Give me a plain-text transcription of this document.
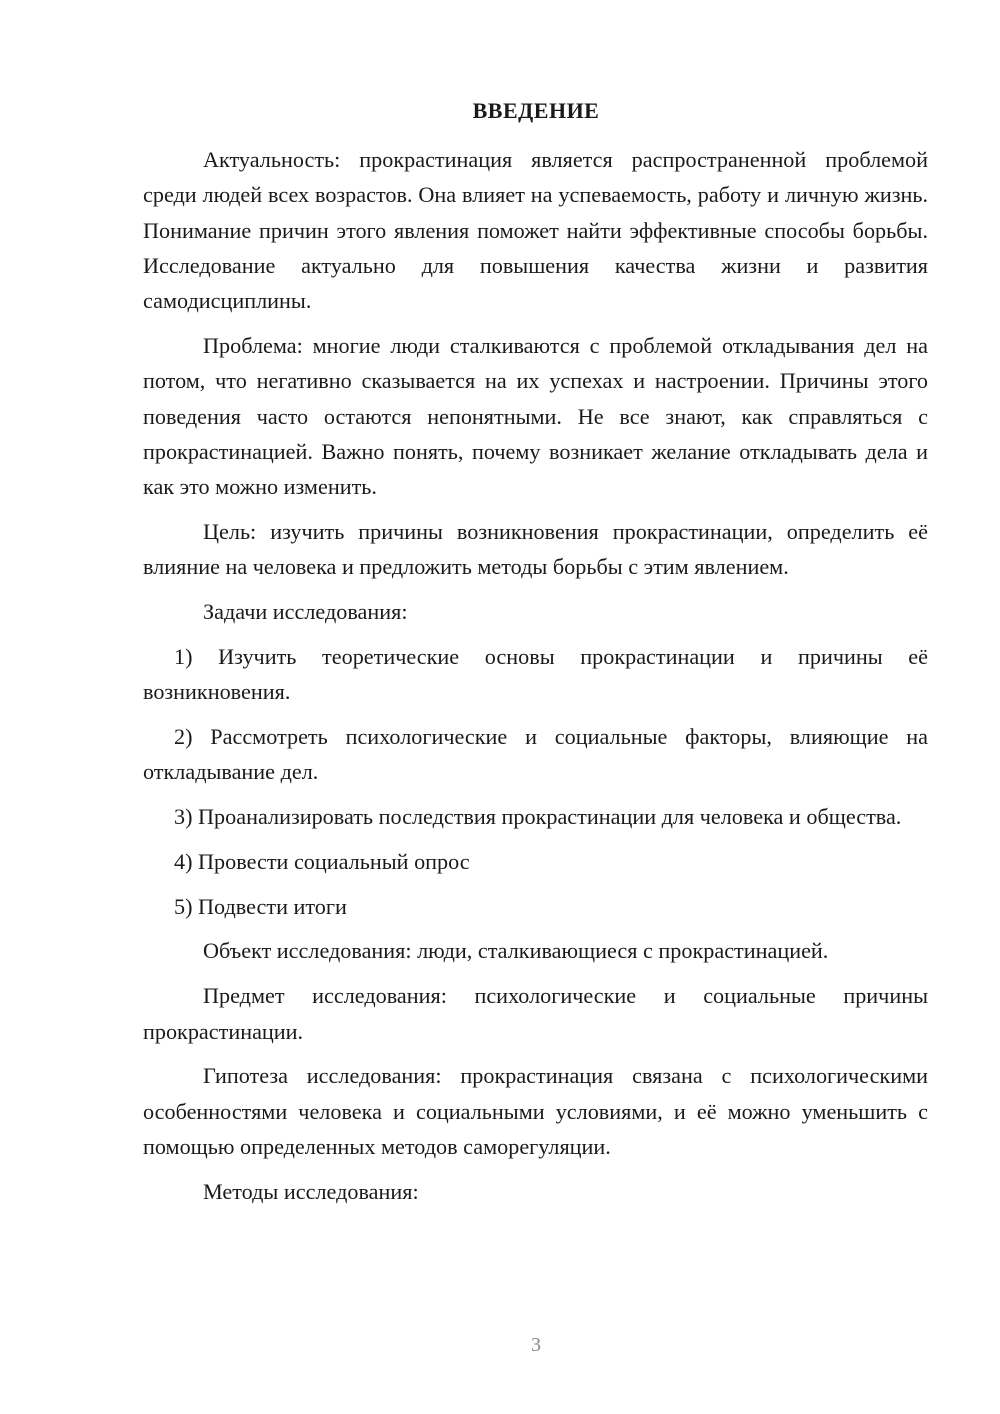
ВВЕДЕНИЕ

Актуальность: прокрастинация является распространенной проблемой среди людей всех возрастов. Она влияет на успеваемость, работу и личную жизнь. Понимание причин этого явления поможет найти эффективные способы борьбы. Исследование актуально для повышения качества жизни и развития самодисциплины.

Проблема: многие люди сталкиваются с проблемой откладывания дел на потом, что негативно сказывается на их успехах и настроении. Причины этого поведения часто остаются непонятными. Не все знают, как справляться с прокрастинацией. Важно понять, почему возникает желание откладывать дела и как это можно изменить.

Цель: изучить причины возникновения прокрастинации, определить её влияние на человека и предложить методы борьбы с этим явлением.

Задачи исследования:

1) Изучить теоретические основы прокрастинации и причины её возникновения.

2) Рассмотреть психологические и социальные факторы, влияющие на откладывание дел.

3) Проанализировать последствия прокрастинации для человека и общества.

4) Провести социальный опрос

5) Подвести итоги

Объект исследования: люди, сталкивающиеся с прокрастинацией.

Предмет исследования: психологические и социальные причины прокрастинации.

Гипотеза исследования: прокрастинация связана с психологическими особенностями человека и социальными условиями, и её можно уменьшить с помощью определенных методов саморегуляции.

Методы исследования:

3
